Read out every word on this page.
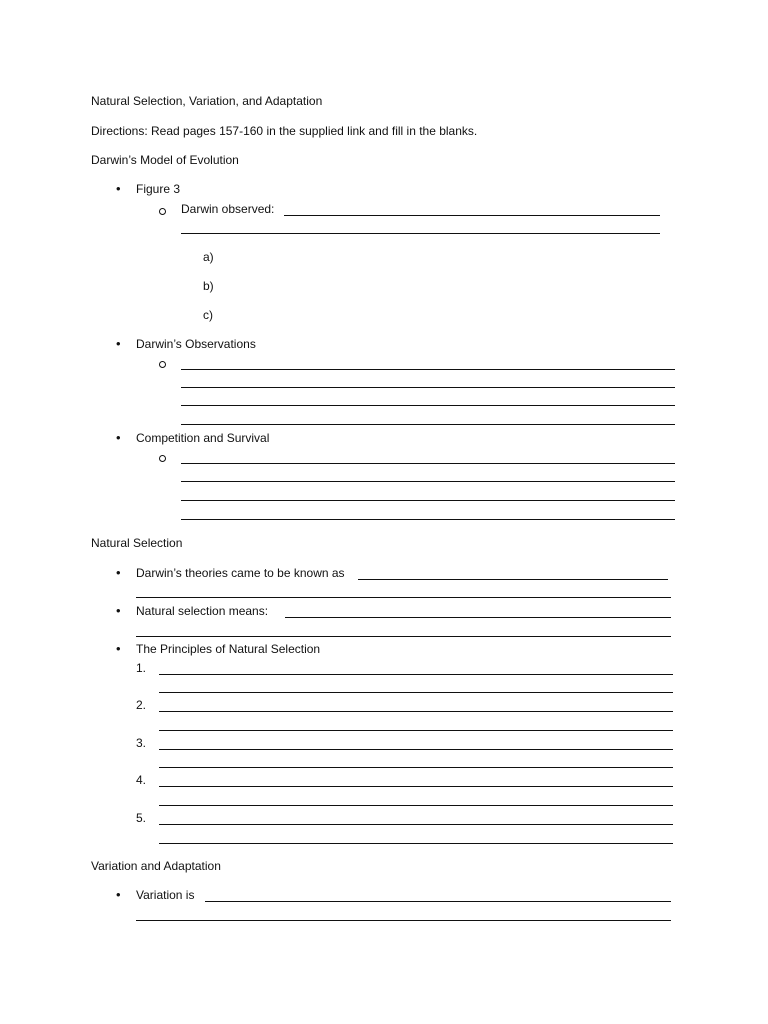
Natural Selection, Variation, and Adaptation
Directions: Read pages 157-160 in the supplied link and fill in the blanks.
Darwin’s Model of Evolution
• Figure 3
Darwin observed:
a)
b)
c)
• Darwin’s Observations
• Competition and Survival
Natural Selection
• Darwin’s theories came to be known as
• Natural selection means:
• The Principles of Natural Selection
1.
2.
3.
4.
5.
Variation and Adaptation
• Variation is
